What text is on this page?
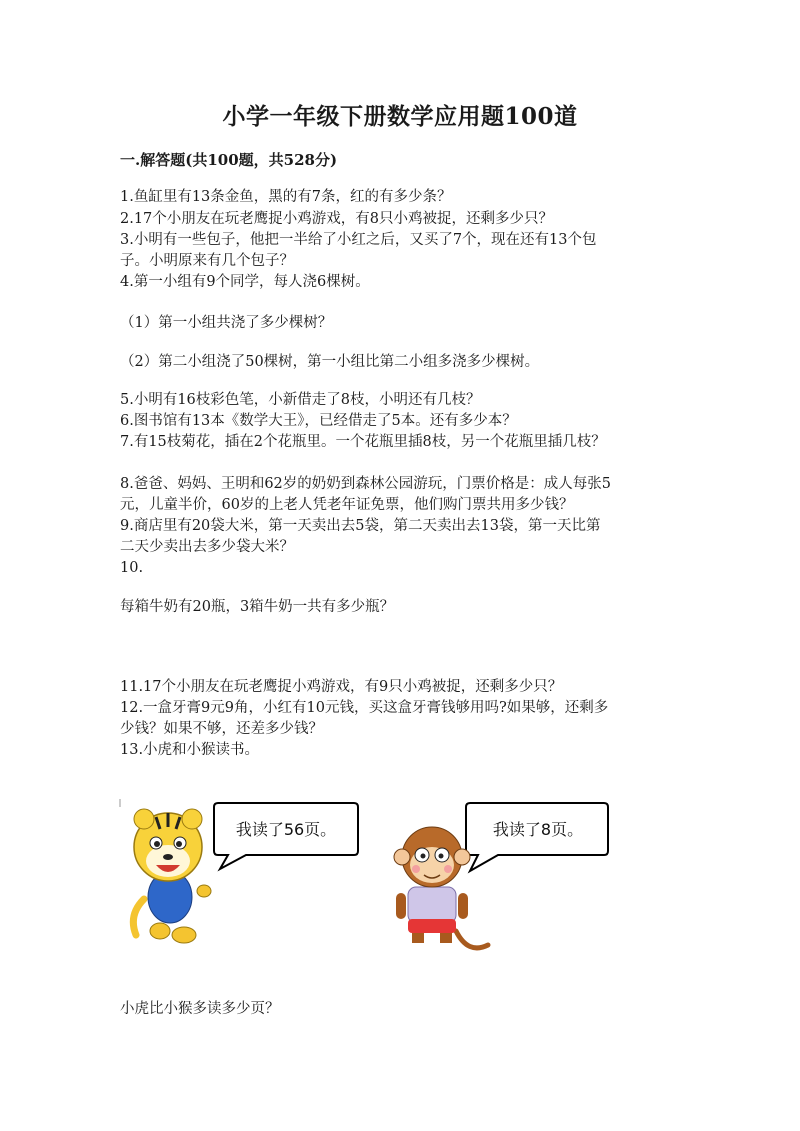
小学一年级下册数学应用题100道
一.解答题(共100题，共528分)
1.鱼缸里有13条金鱼，黑的有7条，红的有多少条？
2.17个小朋友在玩老鹰捉小鸡游戏，有8只小鸡被捉，还剩多少只？
3.小明有一些包子，他把一半给了小红之后，又买了7个，现在还有13个包
子。小明原来有几个包子？
4.第一小组有9个同学，每人浇6棵树。
（1）第一小组共浇了多少棵树？
（2）第二小组浇了50棵树，第一小组比第二小组多浇多少棵树。
5.小明有16枝彩色笔，小新借走了8枝，小明还有几枝？
6.图书馆有13本《数学大王》，已经借走了5本。还有多少本？
7.有15枝菊花，插在2个花瓶里。一个花瓶里插8枝，另一个花瓶里插几枝？
8.爸爸、妈妈、王明和62岁的奶奶到森林公园游玩，门票价格是：成人每张5
元，儿童半价，60岁的上老人凭老年证免票，他们购门票共用多少钱？
9.商店里有20袋大米，第一天卖出去5袋，第二天卖出去13袋，第一天比第
二天少卖出去多少袋大米？
10.
每箱牛奶有20瓶，3箱牛奶一共有多少瓶？
11.17个小朋友在玩老鹰捉小鸡游戏，有9只小鸡被捉，还剩多少只？
12.一盒牙膏9元9角，小红有10元钱，买这盒牙膏钱够用吗?如果够，还剩多
少钱？如果不够，还差多少钱？
13.小虎和小猴读书。
我读了56页。	我读了8页。
小虎比小猴多读多少页？
